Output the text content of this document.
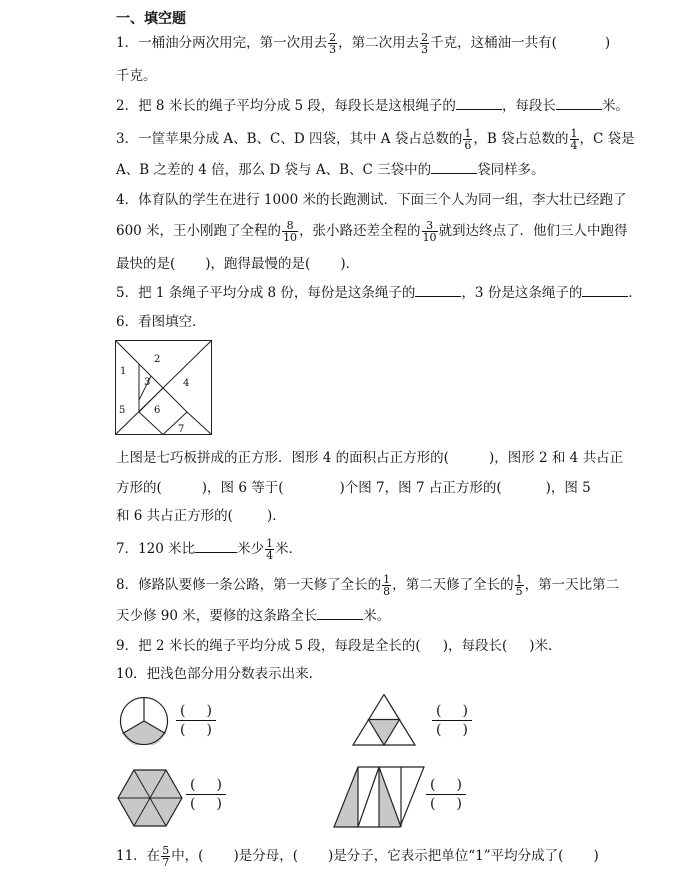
一、填空题
1．一桶油分两次用完，第一次用去 $\frac{2}{3}$ ，第二次用去 $\frac{2}{3}$ 千克，这桶油一共有(	)
千克。
2．把 8 米长的绳子平均分成 5 段，每段长是这根绳子的	，每段长	米。
3．一筐苹果分成 A、B、C、D 四袋，其中 A 袋占总数的 $\frac{1}{6}$ ，B 袋占总数的 $\frac{1}{4}$ ，C 袋是
A、B 之差的 4 倍，那么 D 袋与 A、B、C 三袋中的	袋同样多。
4．体育队的学生在进行 1000 米的长跑测试．下面三个人为同一组，李大壮已经跑了
600 米，王小刚跑了全程的 $\frac{8}{10}$ ，张小路还差全程的 $\frac{3}{10}$ 就到达终点了．他们三人中跑得
最快的是( )，跑得最慢的是( )．
5．把 1 条绳子平均分成 8 份，每份是这条绳子的	，3 份是这条绳子的	．
6．看图填空．
2
1
3	4
5	6
7
上图是七巧板拼成的正方形．图形 4 的面积占正方形的(	)，图形 2 和 4 共占正
方形的(	)，图 6 等于(	)个图 7，图 7 占正方形的(	)，图 5
和 6 共占正方形的(	)．
7．120 米比	米少 $\frac{1}{4}$ 米．
8．修路队要修一条公路，第一天修了全长的 $\frac{1}{8}$ ，第二天修了全长的 $\frac{1}{5}$ ，第一天比第二
天少修 90 米，要修的这条路全长	米。
9．把 2 米长的绳子平均分成 5 段，每段是全长的( )，每段长( )米．
10．把浅色部分用分数表示出来.
(   )
(   )
(   )
(   )
(   )
(   )
(   )
(   )
11．在 $\frac{5}{7}$ 中，( )是分母，( )是分子，它表示把单位“1”平均分成了( )
